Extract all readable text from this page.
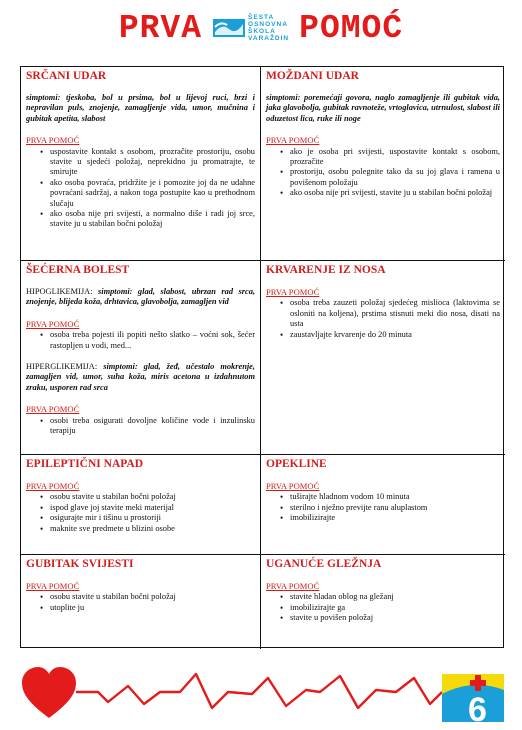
PRVA	ŠESTA
OSNOVNA
ŠKOLA
VARAŽDIN POMOĆ
SRČANI UDAR
simptomi: tjeskoba, bol u prsima, bol u lijevoj ruci, brzi i nepravilan puls, znojenje, zamagljenje vida, umor, mučnina i gubitak apetita, slabost
PRVA POMOĆ
• uspostavite kontakt s osobom, prozračite prostoriju, osobu stavite u sjedeći položaj, neprekidno ju promatrajte, te smirujte
• ako osoba povraća, pridržite je i pomozite joj da ne udahne povraćani sadržaj, a nakon toga postupite kao u prethodnom slučaju
• ako osoba nije pri svijesti, a normalno diše i radi joj srce, stavite ju u stabilan bočni položaj
MOŽDANI UDAR
simptomi: poremećaji govora, naglo zamagljenje ili gubitak vida, jaka glavobolja, gubitak ravnoteže, vrtoglavica, utrnulost, slabost ili oduzetost lica, ruke ili noge
PRVA POMOĆ
• ako je osoba pri svijesti, uspostavite kontakt s osobom, prozračite
• prostoriju, osobu polegnite tako da su joj glava i ramena u povišenom položaju
• ako osoba nije pri svijesti, stavite ju u stabilan bočni položaj
ŠEĆERNA BOLEST
HIPOGLIKEMIJA: simptomi: glad, slabost, ubrzan rad srca, znojenje, blijeda koža, drhtavica, glavobolja, zamagljen vid
PRVA POMOĆ
• osoba treba pojesti ili popiti nešto slatko – voćni sok, šećer rastopljen u vodi, med...
HIPERGLIKEMIJA: simptomi: glad, žeđ, učestalo mokrenje, zamagljen vid, umor, suha koža, miris acetona u izdahnutom zraku, usporen rad srca
PRVA POMOĆ
• osobi treba osigurati dovoljne količine vode i inzulinsku terapiju
KRVARENJE IZ NOSA
PRVA POMOĆ
• osoba treba zauzeti položaj sjedećeg mislioca (laktovima se osloniti na koljena), prstima stisnuti meki dio nosa, disati na usta
• zaustavljajte krvarenje do 20 minuta
EPILEPTIČNI NAPAD
PRVA POMOĆ
• osobu stavite u stabilan bočni položaj
• ispod glave joj stavite meki materijal
• osigurajte mir i tišinu u prostoriji
• maknite sve predmete u blizini osobe
OPEKLINE
PRVA POMOĆ
• tuširajte hladnom vodom 10 minuta
• sterilno i nježno previjte ranu aluplastom
• imobilizirajte
GUBITAK SVIJESTI
PRVA POMOĆ
• osobu stavite u stabilan bočni položaj
• utoplite ju
UGANUĆE GLEŽNJA
PRVA POMOĆ
• stavite hladan oblog na gležanj
• imobilizirajte ga
• stavite u povišen položaj
6
